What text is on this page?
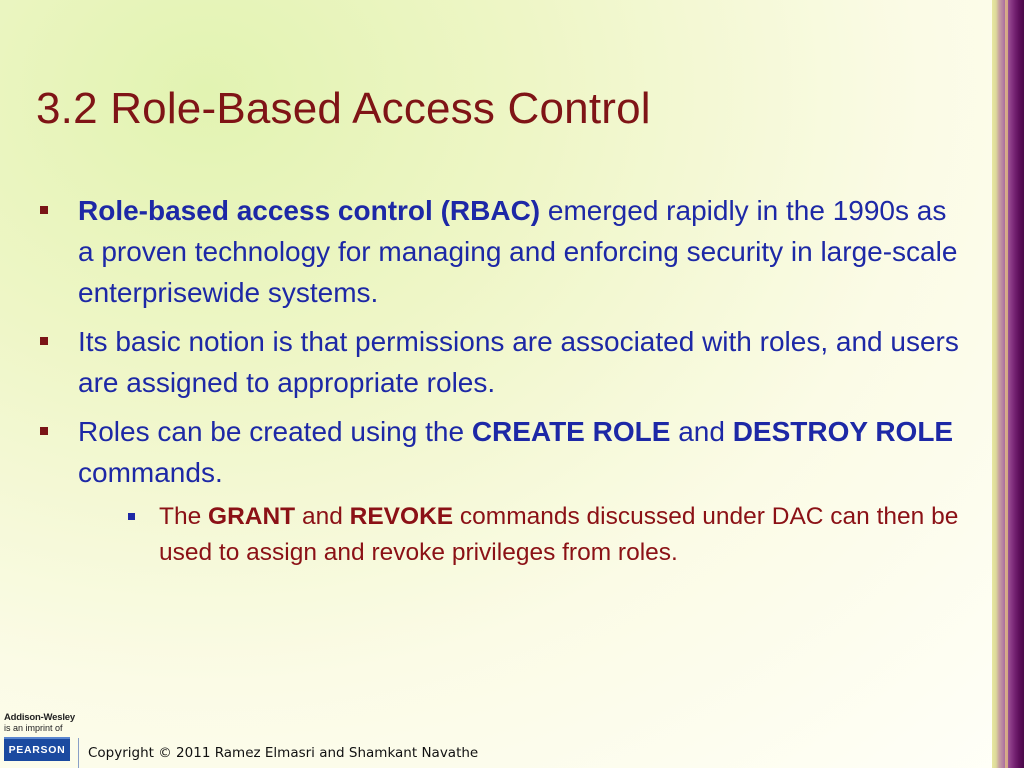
3.2 Role-Based Access Control
Role-based access control (RBAC) emerged rapidly in the 1990s as a proven technology for managing and enforcing security in large-scale enterprisewide systems.
Its basic notion is that permissions are associated with roles, and users are assigned to appropriate roles.
Roles can be created using the CREATE ROLE and DESTROY ROLE commands.
The GRANT and REVOKE commands discussed under DAC can then be used to assign and revoke privileges from roles.
Addison-Wesley
is an imprint of
PEARSON	Copyright © 2011 Ramez Elmasri and Shamkant Navathe
